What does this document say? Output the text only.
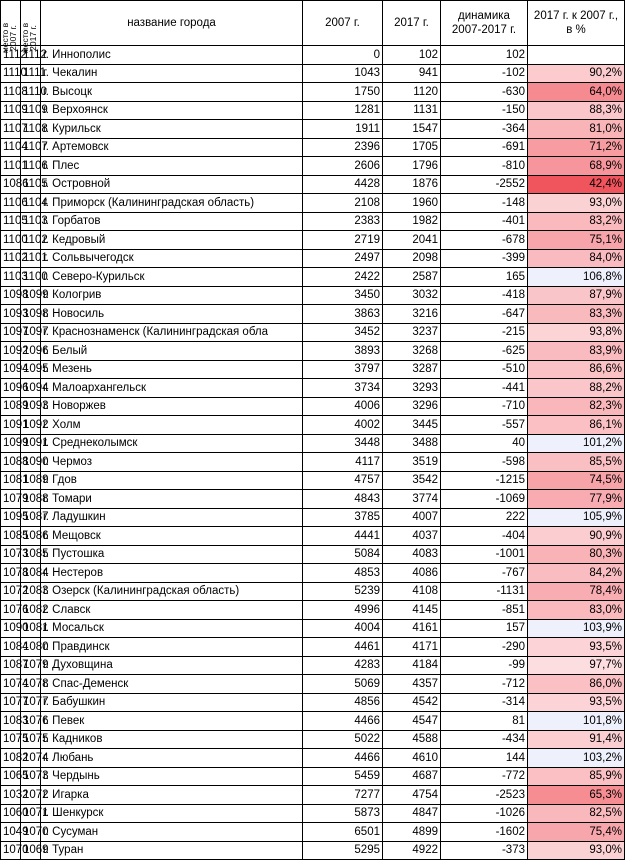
место в 2007 г.	место в 2017 г.	название города	2007 г.	2017 г.	динамика 2007-2017 г.	2017 г. к 2007 г., в %
1112	1112	г. Иннополис	0	102	102	
1110	1111	г. Чекалин	1043	941	-102	90,2%
1108	1110	г. Высоцк	1750	1120	-630	64,0%
1109	1109	г. Верхоянск	1281	1131	-150	88,3%
1107	1108	г. Курильск	1911	1547	-364	81,0%
1104	1107	г. Артемовск	2396	1705	-691	71,2%
1101	1106	г. Плес	2606	1796	-810	68,9%
1086	1105	г. Островной	4428	1876	-2552	42,4%
1106	1104	г. Приморск (Калининградская область)	2108	1960	-148	93,0%
1105	1103	г. Горбатов	2383	1982	-401	83,2%
1100	1102	г. Кедровый	2719	2041	-678	75,1%
1102	1101	г. Сольвычегодск	2497	2098	-399	84,0%
1103	1100	г. Северо-Курильск	2422	2587	165	106,8%
1098	1099	г. Кологрив	3450	3032	-418	87,9%
1093	1098	г. Новосиль	3863	3216	-647	83,3%
1097	1097	г. Краснознаменск (Калининградская обла	3452	3237	-215	93,8%
1092	1096	г. Белый	3893	3268	-625	83,9%
1094	1095	г. Мезень	3797	3287	-510	86,6%
1096	1094	г. Малоархангельск	3734	3293	-441	88,2%
1089	1093	г. Новоржев	4006	3296	-710	82,3%
1091	1092	г. Холм	4002	3445	-557	86,1%
1099	1091	г. Среднеколымск	3448	3488	40	101,2%
1088	1090	г. Чермоз	4117	3519	-598	85,5%
1081	1089	г. Гдов	4757	3542	-1215	74,5%
1079	1088	г. Томари	4843	3774	-1069	77,9%
1095	1087	г. Ладушкин	3785	4007	222	105,9%
1085	1086	г. Мещовск	4441	4037	-404	90,9%
1073	1085	г. Пустошка	5084	4083	-1001	80,3%
1078	1084	г. Нестеров	4853	4086	-767	84,2%
1072	1083	г. Озерск (Калининградская область)	5239	4108	-1131	78,4%
1076	1082	г. Славск	4996	4145	-851	83,0%
1090	1081	г. Мосальск	4004	4161	157	103,9%
1084	1080	г. Правдинск	4461	4171	-290	93,5%
1087	1079	г. Духовщина	4283	4184	-99	97,7%
1074	1078	г. Спас-Деменск	5069	4357	-712	86,0%
1077	1077	г. Бабушкин	4856	4542	-314	93,5%
1083	1076	г. Певек	4466	4547	81	101,8%
1075	1075	г. Кадников	5022	4588	-434	91,4%
1082	1074	г. Любань	4466	4610	144	103,2%
1065	1073	г. Чердынь	5459	4687	-772	85,9%
1032	1072	г. Игарка	7277	4754	-2523	65,3%
1060	1071	г. Шенкурск	5873	4847	-1026	82,5%
1049	1070	г. Сусуман	6501	4899	-1602	75,4%
1070	1069	г. Туран	5295	4922	-373	93,0%
